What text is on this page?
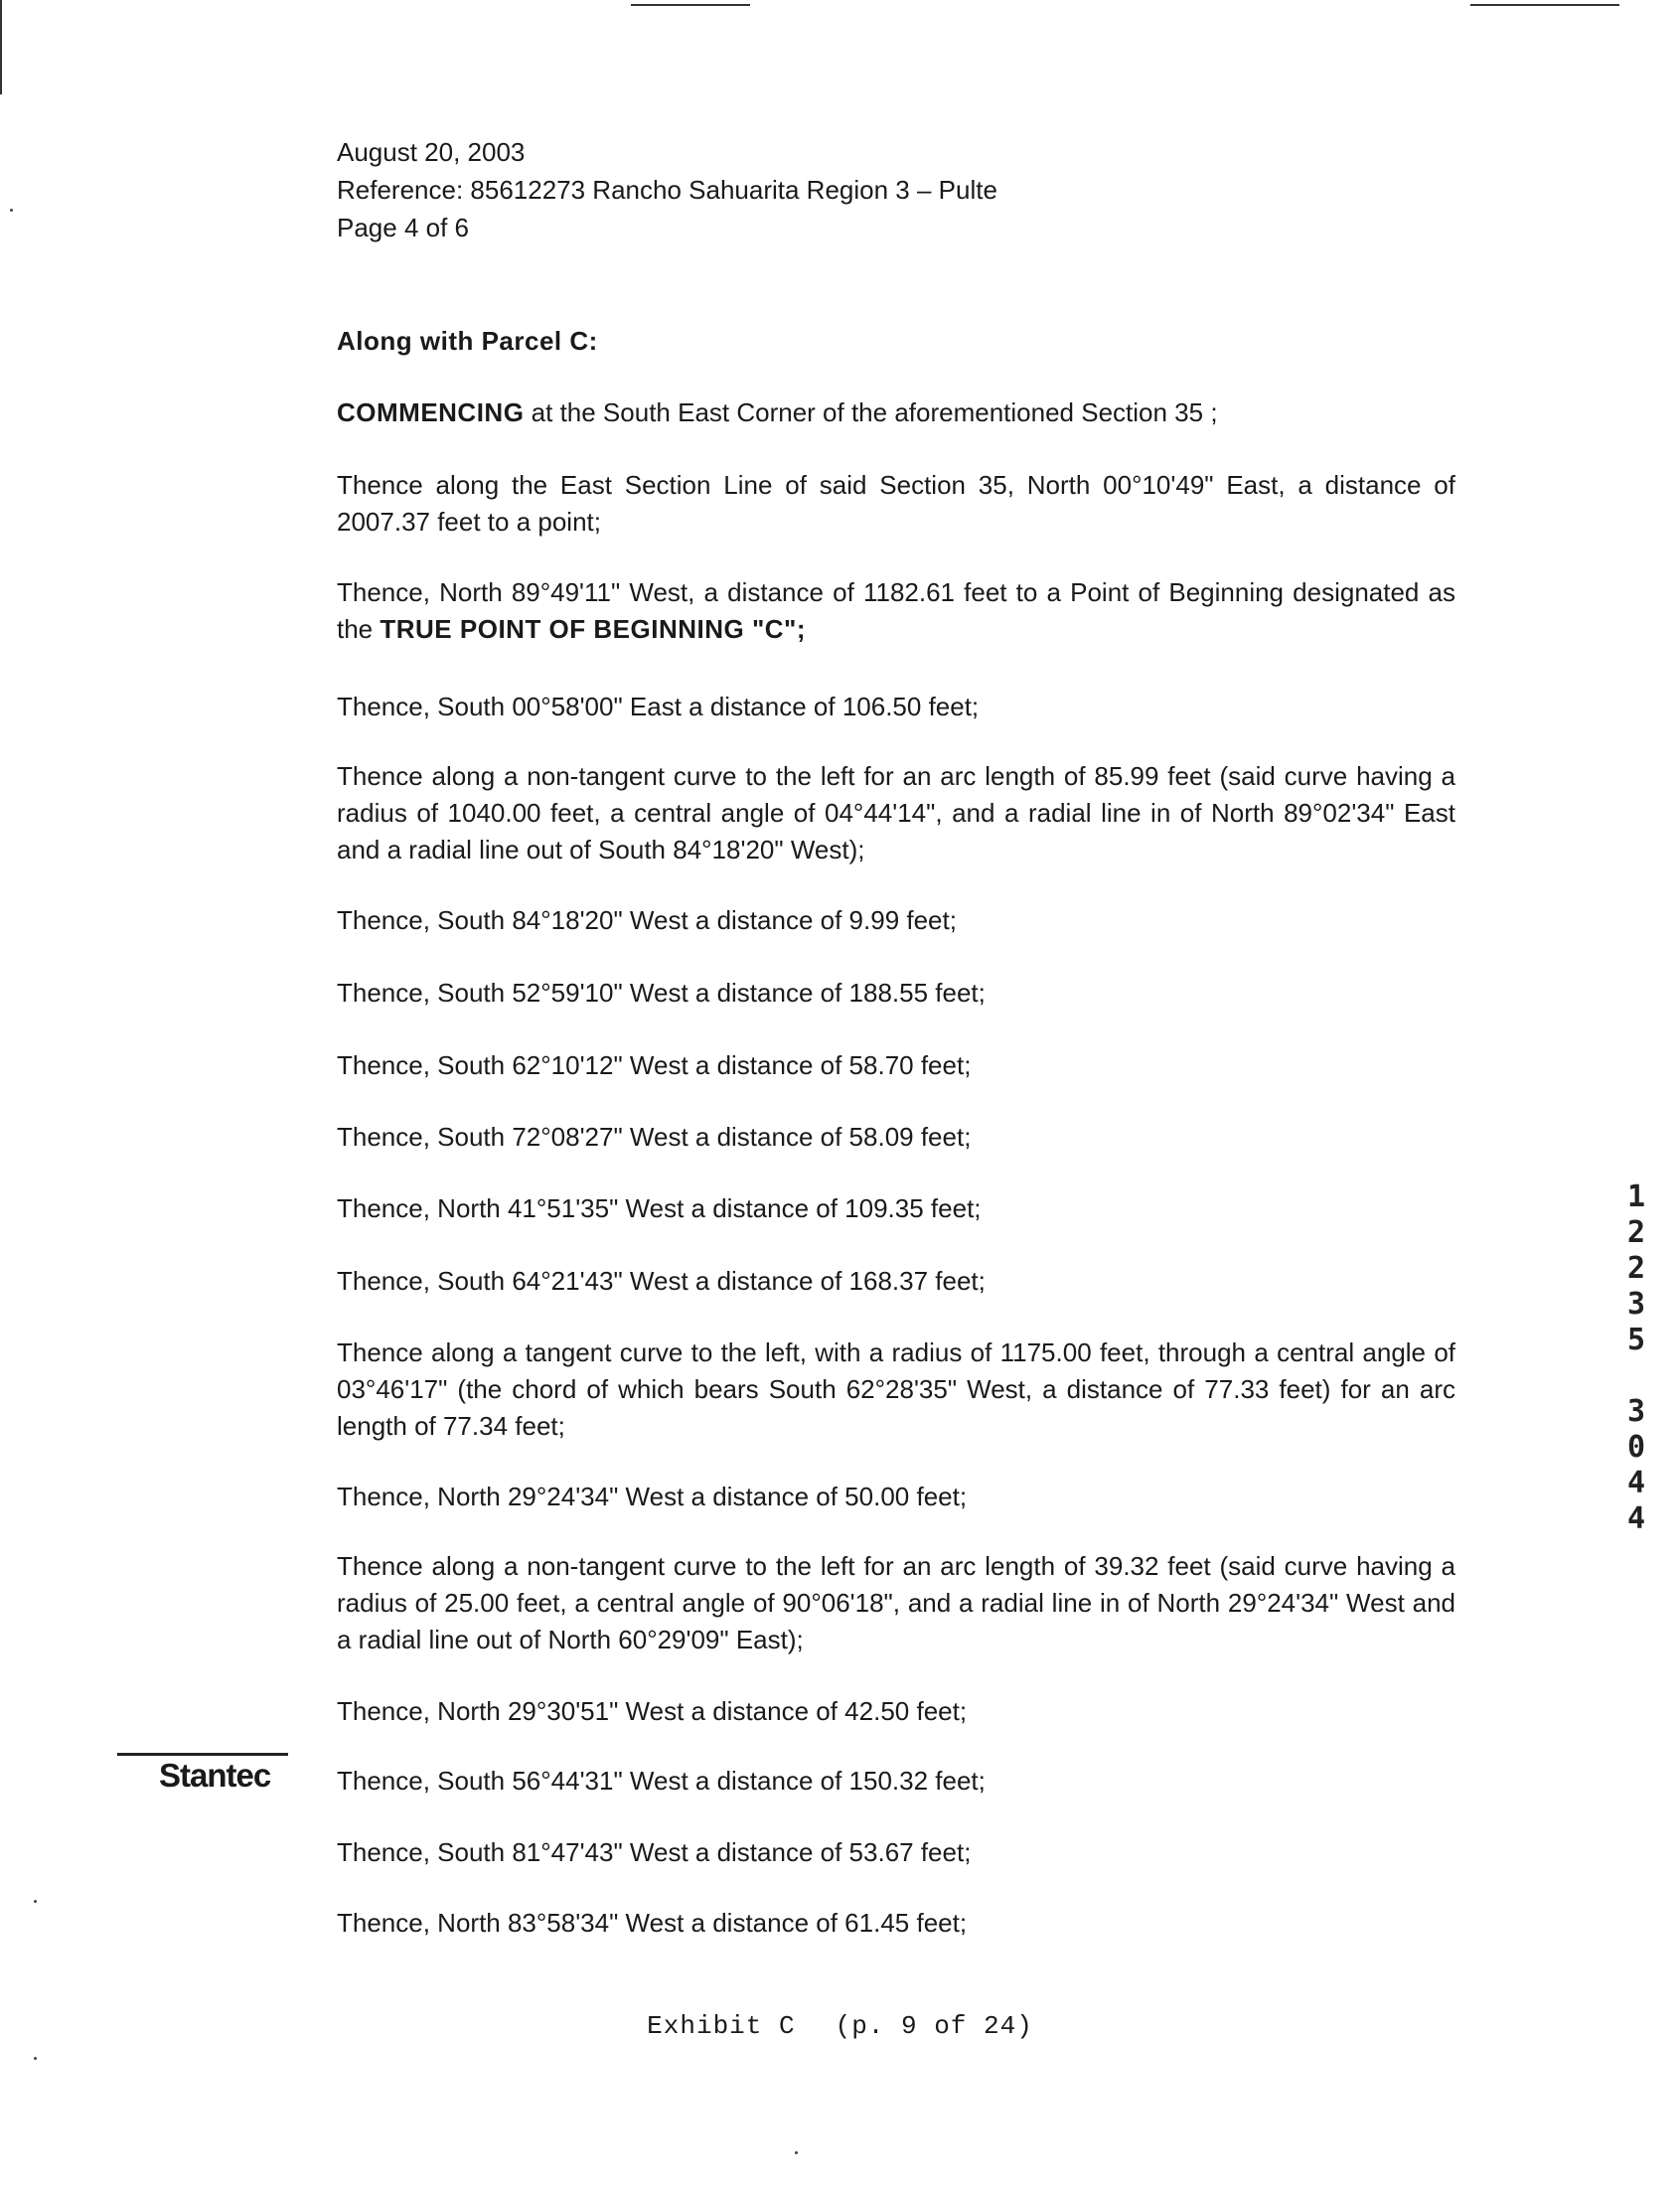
August 20, 2003
Reference: 85612273 Rancho Sahuarita Region 3 – Pulte
Page 4 of 6
Along with Parcel C:
COMMENCING at the South East Corner of the aforementioned Section 35 ;
Thence along the East Section Line of said Section 35, North 00°10'49" East, a distance of 2007.37 feet to a point;
Thence, North 89°49'11" West, a distance of 1182.61 feet to a Point of Beginning designated as the TRUE POINT OF BEGINNING "C";
Thence, South 00°58'00" East a distance of 106.50 feet;
Thence along a non-tangent curve to the left for an arc length of 85.99 feet (said curve having a radius of 1040.00 feet, a central angle of 04°44'14", and a radial line in of North 89°02'34" East and a radial line out of South 84°18'20" West);
Thence, South 84°18'20" West a distance of 9.99 feet;
Thence, South 52°59'10" West a distance of 188.55 feet;
Thence, South 62°10'12" West a distance of 58.70 feet;
Thence, South 72°08'27" West a distance of 58.09 feet;
Thence, North 41°51'35" West a distance of 109.35 feet;
Thence, South 64°21'43" West a distance of 168.37 feet;
Thence along a tangent curve to the left, with a radius of 1175.00 feet, through a central angle of 03°46'17" (the chord of which bears South 62°28'35" West, a distance of 77.33 feet) for an arc length of 77.34 feet;
Thence, North 29°24'34" West a distance of 50.00 feet;
Thence along a non-tangent curve to the left for an arc length of 39.32 feet (said curve having a radius of 25.00 feet, a central angle of 90°06'18", and a radial line in of North 29°24'34" West and a radial line out of North 60°29'09" East);
Thence, North 29°30'51" West a distance of 42.50 feet;
Thence, South 56°44'31" West a distance of 150.32 feet;
Thence, South 81°47'43" West a distance of 53.67 feet;
Thence, North 83°58'34" West a distance of 61.45 feet;
Stantec
Exhibit C (p. 9 of 24)
1
2
2
3
5
3
0
4
4
